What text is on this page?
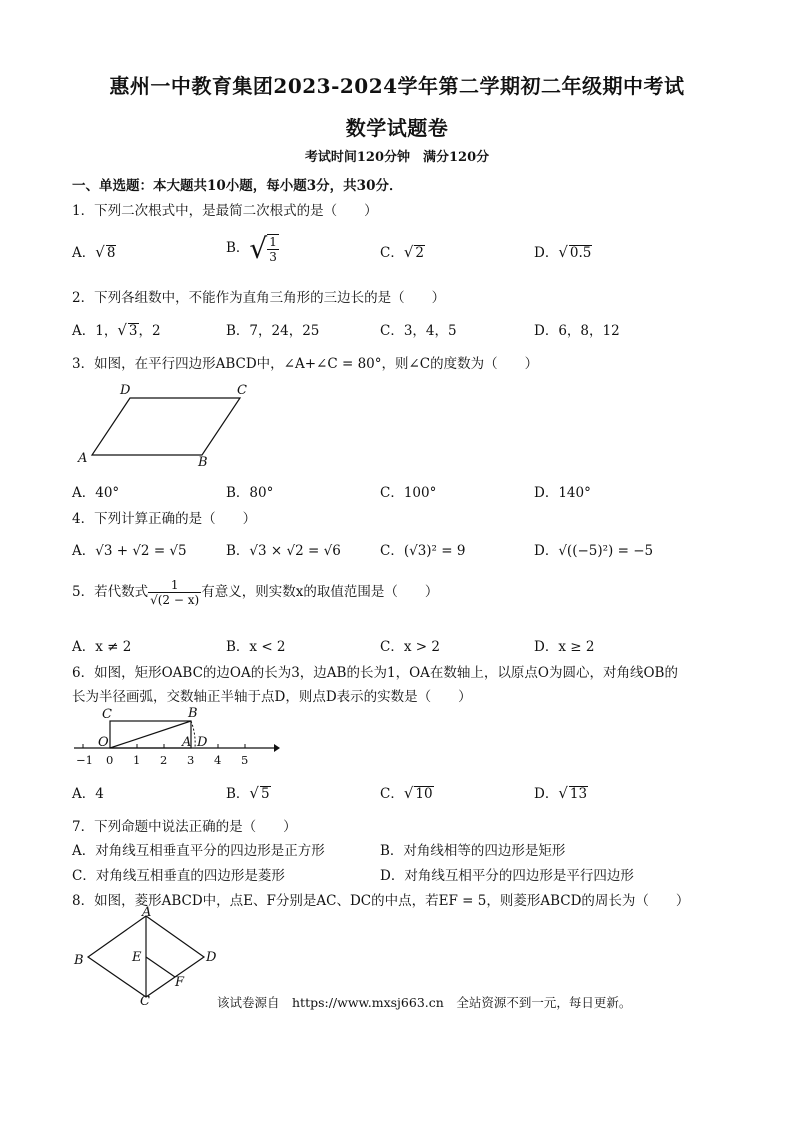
惠州一中教育集团2023-2024学年第二学期初二年级期中考试
数学试题卷
考试时间120分钟　满分120分
一、单选题：本大题共10小题，每小题3分，共30分．
1．下列二次根式中，是最简二次根式的是（　　）
A．√ 8	B．√ $\frac{1}{3}$	C．√ 2	D．√ 0.5
2．下列各组数中，不能作为直角三角形的三边长的是（　　）
A．1，√ 3，2	B．7，24，25	C．3，4，5	D．6，8，12
3．如图，在平行四边形ABCD中，∠A+∠C = 80°，则∠C的度数为（　　）
A	B
C
D
A．40°	B．80°	C．100°	D．140°
4．下列计算正确的是（　　）
A．√3 + √2 = √5	B．√3 × √2 = √6	C．(√3)² = 9	D．√((−5)²) = −5
5．若代数式 $\frac{1}{√(2 - x)}$ 有意义，则实数x的取值范围是（　　）
A．x ≠ 2	B．x < 2	C．x > 2	D．x ≥ 2
6．如图，矩形OABC的边OA的长为3，边AB的长为1，OA在数轴上，以原点O为圆心，对角线OB的
长为半径画弧，交数轴正半轴于点D，则点D表示的实数是（　　）
C	B
O	A D
−1 0 1 2 3 4 5
A．4	B．√ 5	C．√ 10	D．√ 13
7．下列命题中说法正确的是（　　）
A．对角线互相垂直平分的四边形是正方形	B．对角线相等的四边形是矩形
C．对角线互相垂直的四边形是菱形	D．对角线互相平分的四边形是平行四边形
8．如图，菱形ABCD中，点E、F分别是AC、DC的中点，若EF = 5，则菱形ABCD的周长为（　　）
A
B
C
D
E
F
该试卷源自　https://www.mxsj663.cn　全站资源不到一元，每日更新。
